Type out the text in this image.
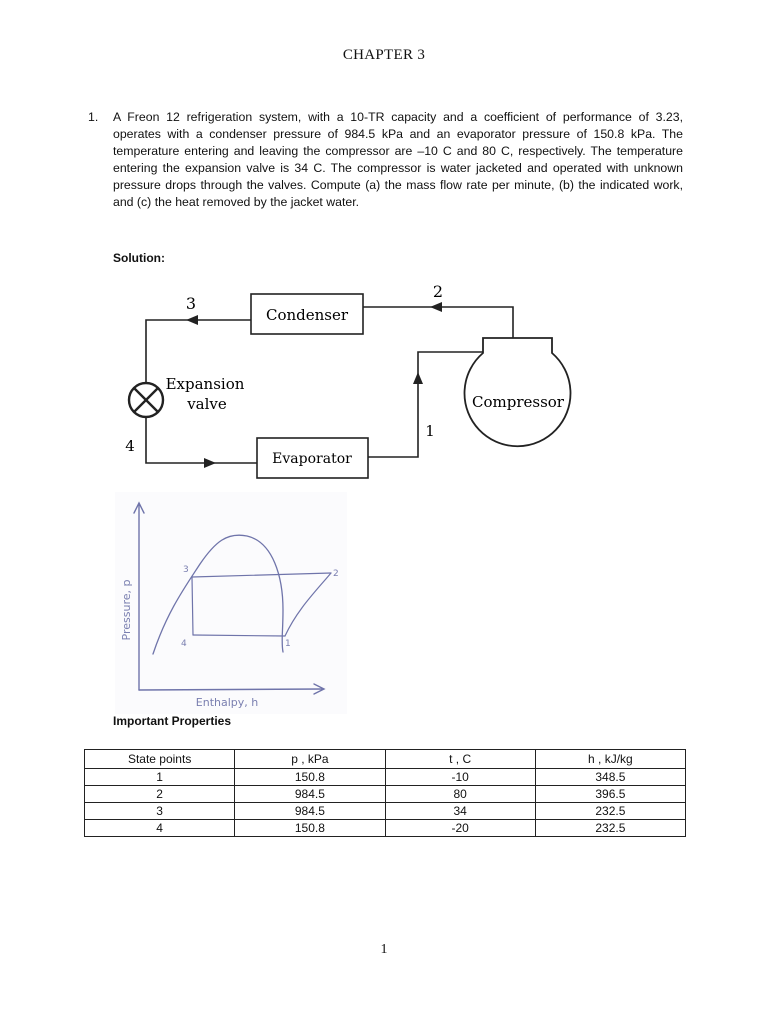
CHAPTER 3
1. A Freon 12 refrigeration system, with a 10-TR capacity and a coefficient of performance of 3.23, operates with a condenser pressure of 984.5 kPa and an evaporator pressure of 150.8 kPa. The temperature entering and leaving the compressor are –10 C and 80 C, respectively. The temperature entering the expansion valve is 34 C. The compressor is water jacketed and operated with unknown pressure drops through the valves. Compute (a) the mass flow rate per minute, (b) the indicated work, and (c) the heat removed by the jacket water.
Solution:
Condenser
Evaporator
Compressor
Expansion
valve
3
2
1
4
3	2
4	1
Pressure, p
Enthalpy, h
Important Properties
State points	p , kPa	t , C	h , kJ/kg
1	150.8	-10	348.5
2	984.5	80	396.5
3	984.5	34	232.5
4	150.8	-20	232.5
1
